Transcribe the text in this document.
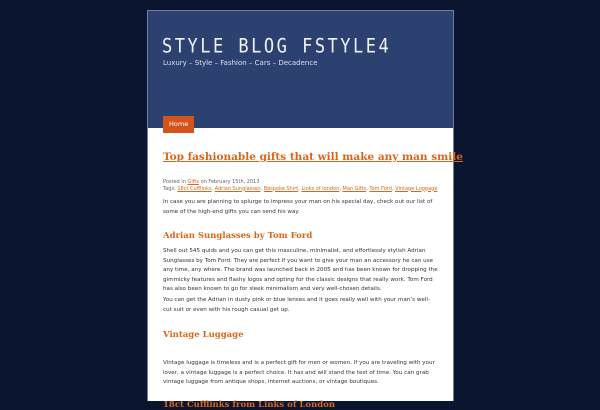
STYLE BLOG FSTYLE4
Luxury – Style – Fashion – Cars – Decadence
Home
Top fashionable gifts that will make any man smile
Posted in Gifts on February 15th, 2013
Tags: 18ct Cufflinks, Adrian Sunglasses, Bespoke Shirt, Links of london, Man Gifts, Tom Ford, Vintage Luggage

In case you are planning to splurge to impress your man on his special day, check out our list of some of the high-end gifts you can send his way.

Adrian Sunglasses by Tom Ford

Shell out 545 quids and you can get this masculine, minimalist, and effortlessly stylish Adrian Sunglasses by Tom Ford. They are perfect if you want to give your man an accessory he can use any time, any where. The brand was launched back in 2005 and has been known for dropping the gimmicky features and flashy logos and opting for the classic designs that really work. Tom Ford has also been known to go for sleek minimalism and very well-chosen details.

You can get the Adrian in dusty pink or blue lenses and it goes really well with your man’s well-cut suit or even with his rough casual get up.

Vintage Luggage

Vintage luggage is timeless and is a perfect gift for men or women. If you are traveling with your lover, a vintage luggage is a perfect choice. It has and will stand the test of time. You can grab vintage luggage from antique shops, internet auctions, or vintage boutiques.

18ct Cufflinks from Links of London
